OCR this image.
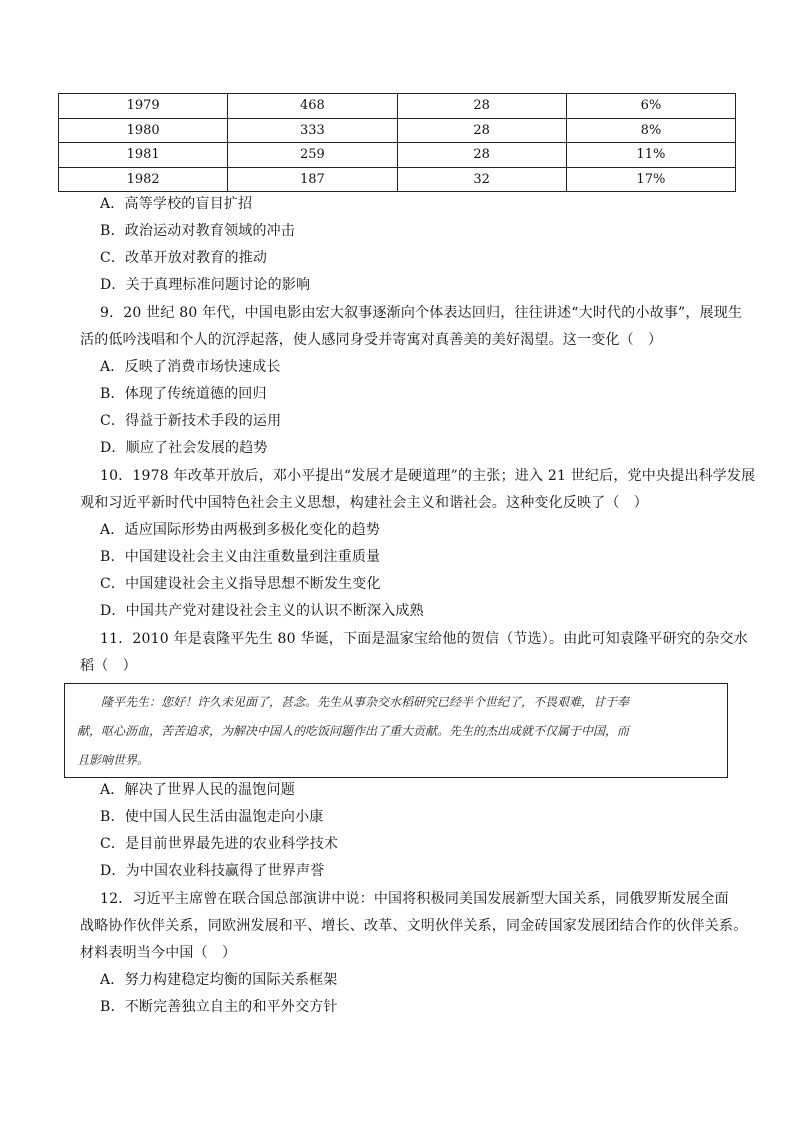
1979	468	28	6%
1980	333	28	8%
1981	259	28	11%
1982	187	32	17%
A．高等学校的盲目扩招
B．政治运动对教育领域的冲击
C．改革开放对教育的推动
D．关于真理标准问题讨论的影响
9．20 世纪 80 年代，中国电影由宏大叙事逐渐向个体表达回归，往往讲述“大时代的小故事”，展现生
活的低吟浅唱和个人的沉浮起落，使人感同身受并寄寓对真善美的美好渴望。这一变化（　）
A．反映了消费市场快速成长
B．体现了传统道德的回归
C．得益于新技术手段的运用
D．顺应了社会发展的趋势
10．1978 年改革开放后，邓小平提出“发展才是硬道理”的主张；进入 21 世纪后，党中央提出科学发展
观和习近平新时代中国特色社会主义思想，构建社会主义和谐社会。这种变化反映了（　）
A．适应国际形势由两极到多极化变化的趋势
B．中国建设社会主义由注重数量到注重质量
C．中国建设社会主义指导思想不断发生变化
D．中国共产党对建设社会主义的认识不断深入成熟
11．2010 年是袁隆平先生 80 华诞，下面是温家宝给他的贺信（节选）。由此可知袁隆平研究的杂交水
稻（　）
隆平先生：您好！许久未见面了，甚念。先生从事杂交水稻研究已经半个世纪了，不畏艰难，甘于奉
献，呕心沥血，苦苦追求，为解决中国人的吃饭问题作出了重大贡献。先生的杰出成就不仅属于中国，而
且影响世界。
A．解决了世界人民的温饱问题
B．使中国人民生活由温饱走向小康
C．是目前世界最先进的农业科学技术
D．为中国农业科技赢得了世界声誉
12．习近平主席曾在联合国总部演讲中说：中国将积极同美国发展新型大国关系，同俄罗斯发展全面
战略协作伙伴关系，同欧洲发展和平、增长、改革、文明伙伴关系，同金砖国家发展团结合作的伙伴关系。
材料表明当今中国（　）
A．努力构建稳定均衡的国际关系框架
B．不断完善独立自主的和平外交方针
